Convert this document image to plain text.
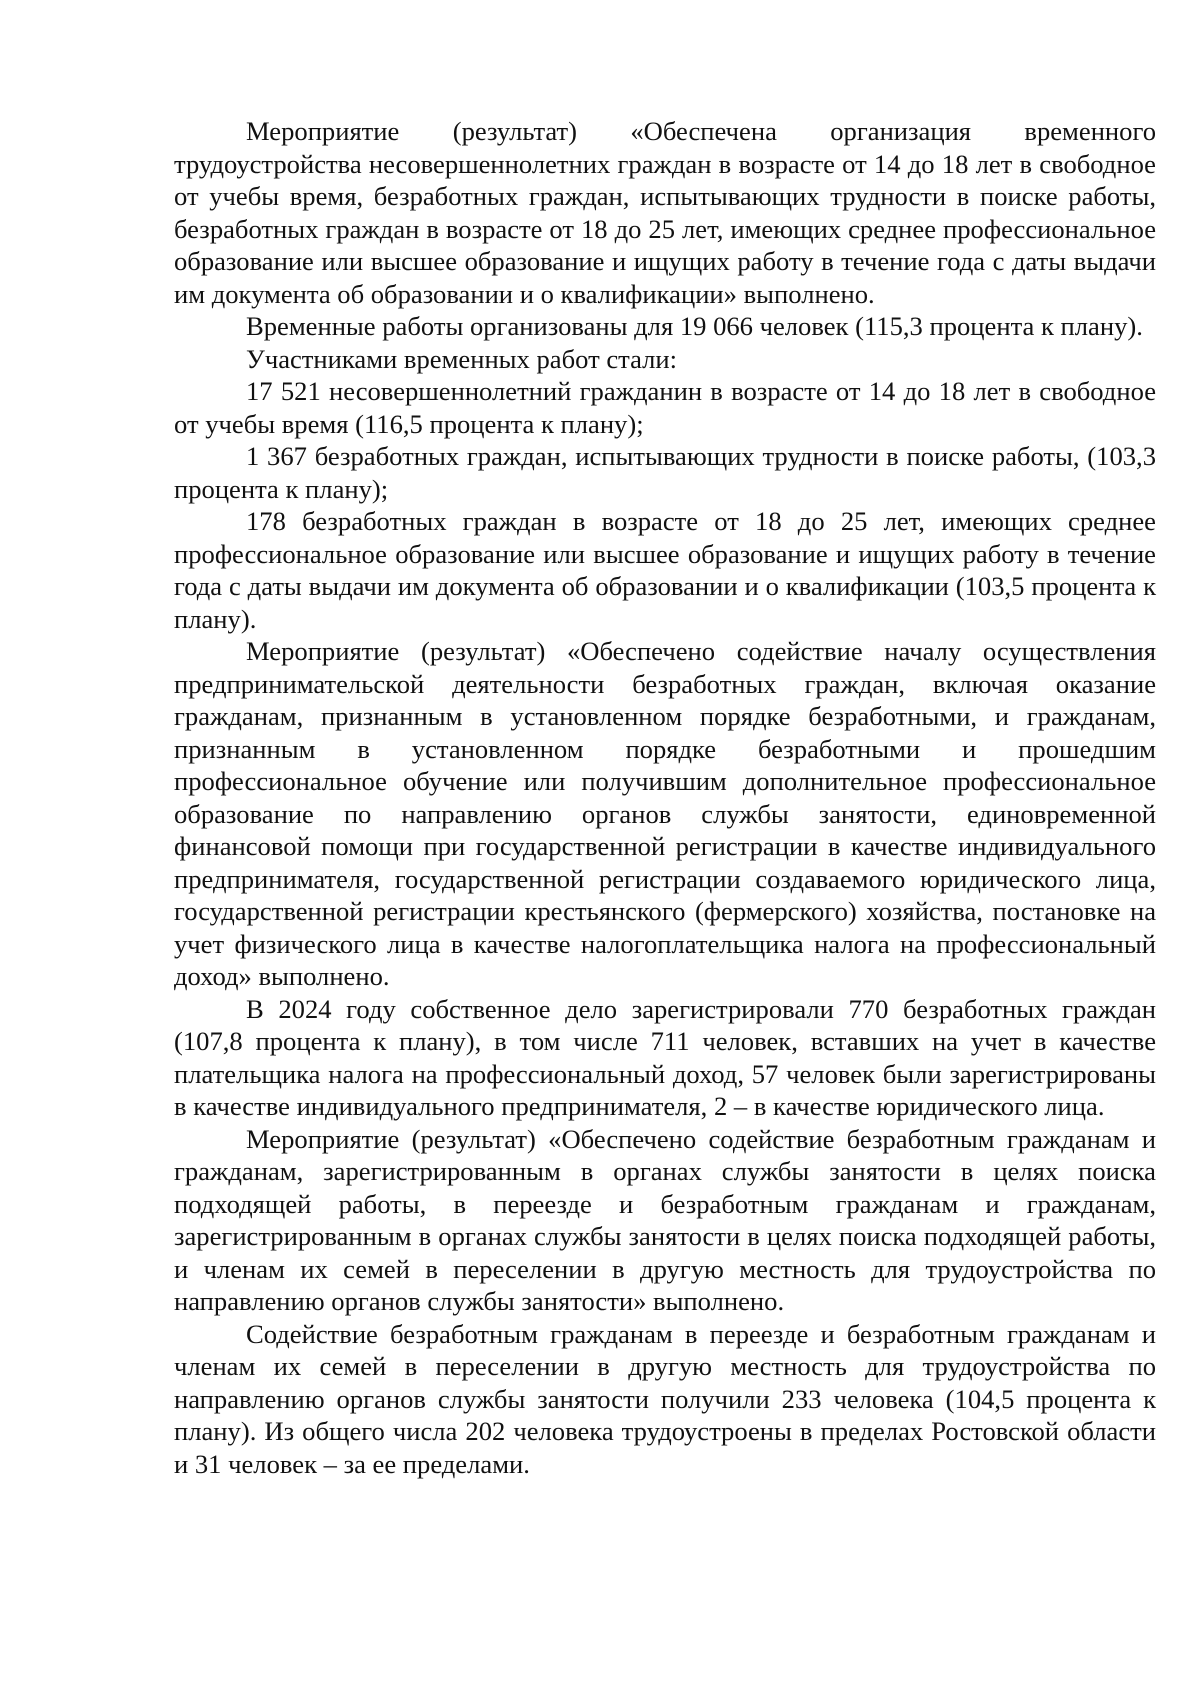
Мероприятие (результат) «Обеспечена организация временного трудоустройства несовершеннолетних граждан в возрасте от 14 до 18 лет в свободное от учебы время, безработных граждан, испытывающих трудности в поиске работы, безработных граждан в возрасте от 18 до 25 лет, имеющих среднее профессиональное образование или высшее образование и ищущих работу в течение года с даты выдачи им документа об образовании и о квалификации» выполнено.

Временные работы организованы для 19 066 человек (115,3 процента к плану).

Участниками временных работ стали:

17 521 несовершеннолетний гражданин в возрасте от 14 до 18 лет в свободное от учебы время (116,5 процента к плану);

1 367 безработных граждан, испытывающих трудности в поиске работы, (103,3 процента к плану);

178 безработных граждан в возрасте от 18 до 25 лет, имеющих среднее профессиональное образование или высшее образование и ищущих работу в течение года с даты выдачи им документа об образовании и о квалификации (103,5 процента к плану).

Мероприятие (результат) «Обеспечено содействие началу осуществления предпринимательской деятельности безработных граждан, включая оказание гражданам, признанным в установленном порядке безработными, и гражданам, признанным в установленном порядке безработными и прошедшим профессиональное обучение или получившим дополнительное профессиональное образование по направлению органов службы занятости, единовременной финансовой помощи при государственной регистрации в качестве индивидуального предпринимателя, государственной регистрации создаваемого юридического лица, государственной регистрации крестьянского (фермерского) хозяйства, постановке на учет физического лица в качестве налогоплательщика налога на профессиональный доход» выполнено.

В 2024 году собственное дело зарегистрировали 770 безработных граждан (107,8 процента к плану), в том числе 711 человек, вставших на учет в качестве плательщика налога на профессиональный доход, 57 человек были зарегистрированы в качестве индивидуального предпринимателя, 2 – в качестве юридического лица.

Мероприятие (результат) «Обеспечено содействие безработным гражданам и гражданам, зарегистрированным в органах службы занятости в целях поиска подходящей работы, в переезде и безработным гражданам и гражданам, зарегистрированным в органах службы занятости в целях поиска подходящей работы, и членам их семей в переселении в другую местность для трудоустройства по направлению органов службы занятости» выполнено.

Содействие безработным гражданам в переезде и безработным гражданам и членам их семей в переселении в другую местность для трудоустройства по направлению органов службы занятости получили 233 человека (104,5 процента к плану). Из общего числа 202 человека трудоустроены в пределах Ростовской области и 31 человек – за ее пределами.
